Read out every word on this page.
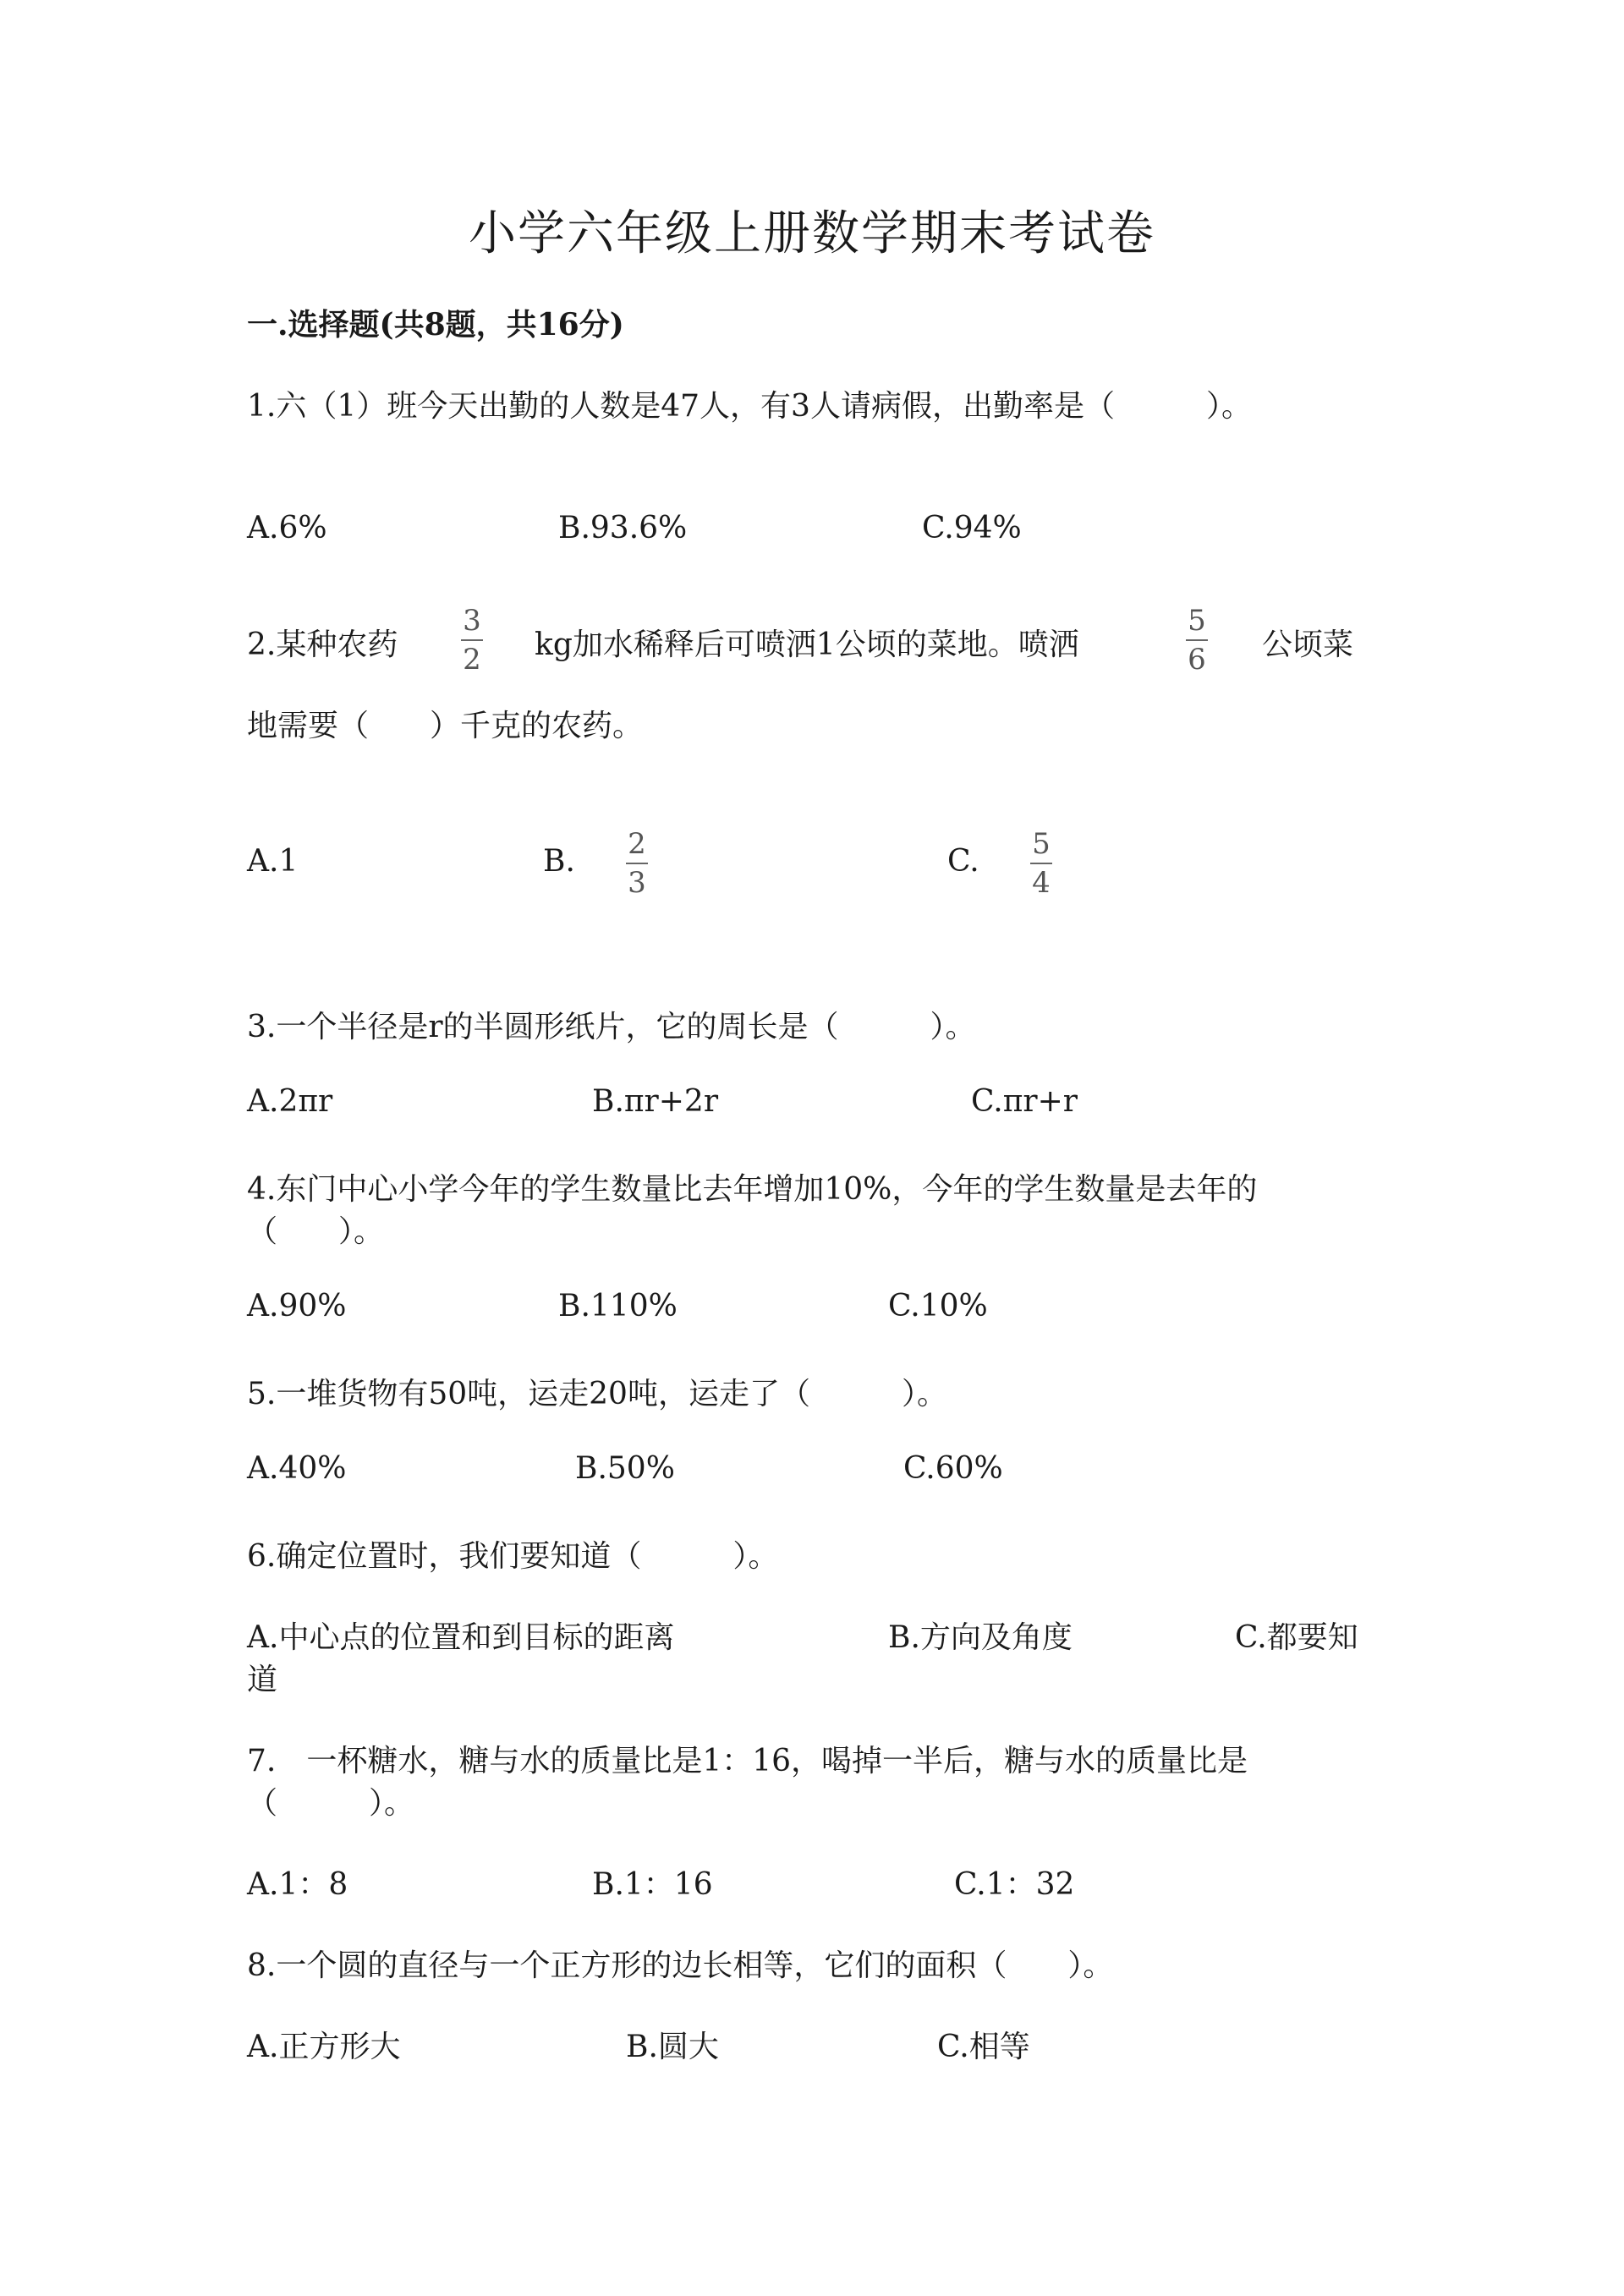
小学六年级上册数学期末考试卷
一.选择题(共8题，共16分)
1.六（1）班今天出勤的人数是47人，有3人请病假，出勤率是（　　　）。
A.6%	B.93.6%	C.94%
2.某种农药
3
2 kg加水稀释后可喷洒1公顷的菜地。喷洒
5
6 公顷菜
地需要（　　）千克的农药。
A.1	B. 2
3
C. 5
4
3.一个半径是r的半圆形纸片，它的周长是（　　　）。
A.2πr	B.πr+2r	C.πr+r
4.东门中心小学今年的学生数量比去年增加10%，今年的学生数量是去年的
（　　）。
A.90%	B.110%	C.10%
5.一堆货物有50吨，运走20吨，运走了（　　　）。
A.40%	B.50%	C.60%
6.确定位置时，我们要知道（　　　）。
A.中心点的位置和到目标的距离	B.方向及角度	C.都要知
道
7.　一杯糖水，糖与水的质量比是1：16，喝掉一半后，糖与水的质量比是
（　　　）。
A.1：8	B.1：16	C.1：32
8.一个圆的直径与一个正方形的边长相等，它们的面积（　　）。
A.正方形大	B.圆大	C.相等
